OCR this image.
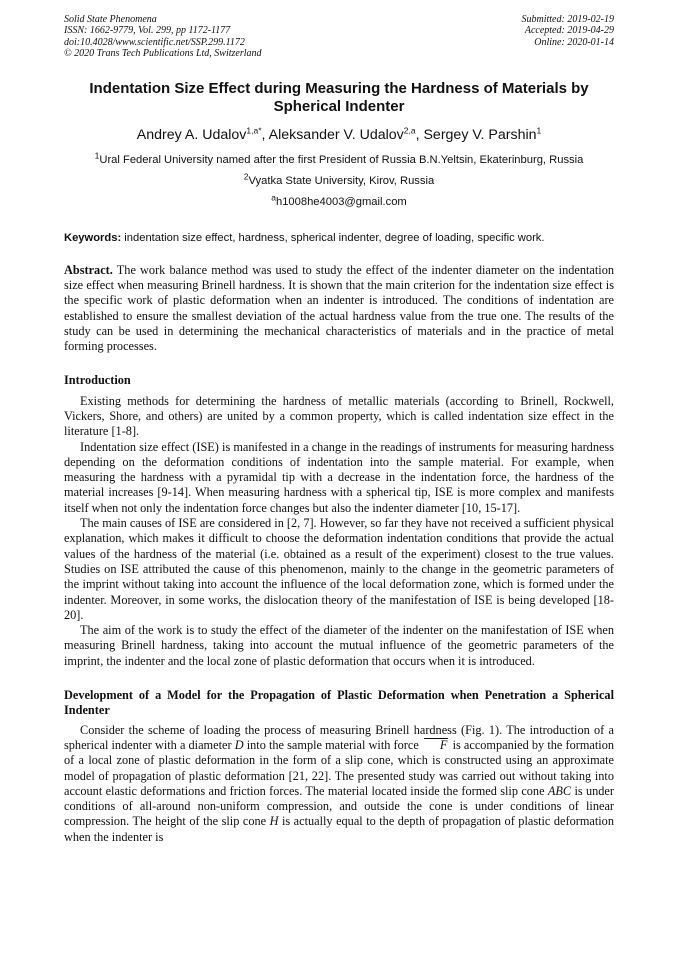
Solid State Phenomena
ISSN: 1662-9779, Vol. 299, pp 1172-1177
doi:10.4028/www.scientific.net/SSP.299.1172
© 2020 Trans Tech Publications Ltd, Switzerland
Submitted: 2019-02-19
Accepted: 2019-04-29
Online: 2020-01-14
Indentation Size Effect during Measuring the Hardness of Materials by Spherical Indenter
Andrey A. Udalov$^{1,a*}$, Aleksander V. Udalov$^{2,a}$, Sergey V. Parshin$^1$
$^1$Ural Federal University named after the first President of Russia B.N.Yeltsin, Ekaterinburg, Russia
$^2$Vyatka State University, Kirov, Russia
$^a$h1008he4003@gmail.com
Keywords: indentation size effect, hardness, spherical indenter, degree of loading, specific work.
Abstract. The work balance method was used to study the effect of the indenter diameter on the indentation size effect when measuring Brinell hardness. It is shown that the main criterion for the indentation size effect is the specific work of plastic deformation when an indenter is introduced. The conditions of indentation are established to ensure the smallest deviation of the actual hardness value from the true one. The results of the study can be used in determining the mechanical characteristics of materials and in the practice of metal forming processes.
Introduction

Existing methods for determining the hardness of metallic materials (according to Brinell, Rockwell, Vickers, Shore, and others) are united by a common property, which is called indentation size effect in the literature [1-8].

Indentation size effect (ISE) is manifested in a change in the readings of instruments for measuring hardness depending on the deformation conditions of indentation into the sample material. For example, when measuring the hardness with a pyramidal tip with a decrease in the indentation force, the hardness of the material increases [9-14]. When measuring hardness with a spherical tip, ISE is more complex and manifests itself when not only the indentation force changes but also the indenter diameter [10, 15-17].

The main causes of ISE are considered in [2, 7]. However, so far they have not received a sufficient physical explanation, which makes it difficult to choose the deformation indentation conditions that provide the actual values of the hardness of the material (i.e. obtained as a result of the experiment) closest to the true values. Studies on ISE attributed the cause of this phenomenon, mainly to the change in the geometric parameters of the imprint without taking into account the influence of the local deformation zone, which is formed under the indenter. Moreover, in some works, the dislocation theory of the manifestation of ISE is being developed [18-20].

The aim of the work is to study the effect of the diameter of the indenter on the manifestation of ISE when measuring Brinell hardness, taking into account the mutual influence of the geometric parameters of the imprint, the indenter and the local zone of plastic deformation that occurs when it is introduced.

Development of a Model for the Propagation of Plastic Deformation when Penetration a Spherical Indenter

Consider the scheme of loading the process of measuring Brinell hardness (Fig. 1). The introduction of a spherical indenter with a diameter D into the sample material with force F is accompanied by the formation of a local zone of plastic deformation in the form of a slip cone, which is constructed using an approximate model of propagation of plastic deformation [21, 22]. The presented study was carried out without taking into account elastic deformations and friction forces. The material located inside the formed slip cone ABC is under conditions of all-around non-uniform compression, and outside the cone is under conditions of linear compression. The height of the slip cone H is actually equal to the depth of propagation of plastic deformation when the indenter is
